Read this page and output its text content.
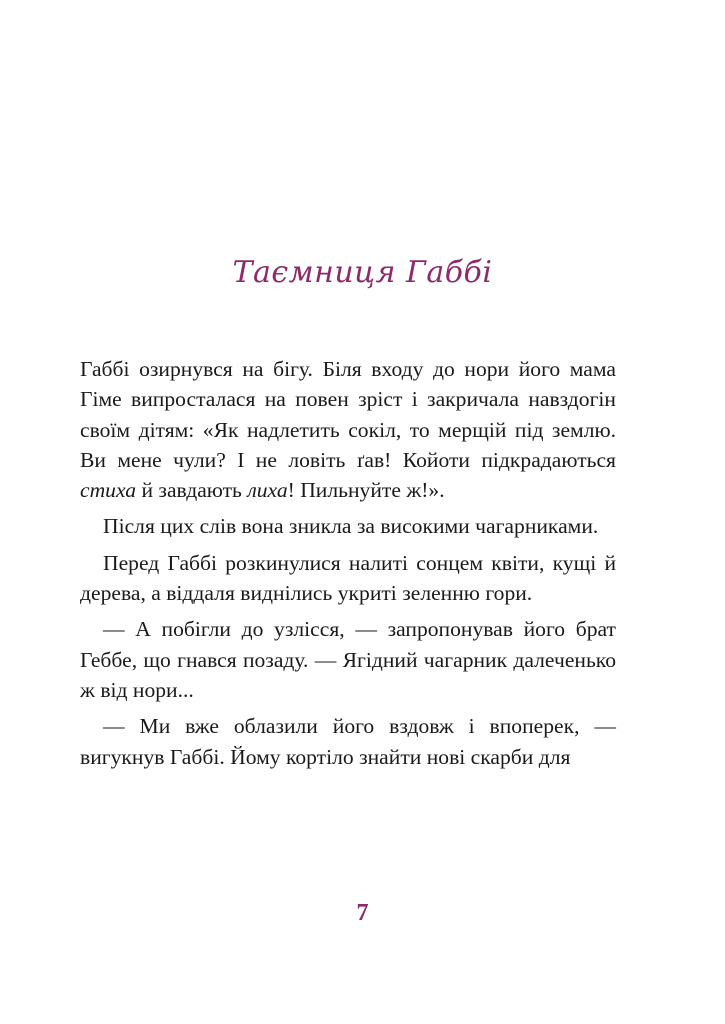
Таємниця Габбі

Габбі озирнувся на бігу. Біля входу до нори його мама Гіме випросталася на повен зріст і закричала навздогін своїм дітям: «Як надлетить сокіл, то мерщій під землю. Ви мене чули? І не ловіть ґав! Койоти підкрадаються стиха й завдають лиха! Пильнуйте ж!».

Після цих слів вона зникла за високими чагарниками.

Перед Габбі розкинулися налиті сонцем квіти, кущі й дерева, а віддаля виднілись укриті зеленню гори.

— А побігли до узлісся, — запропонував його брат Геббе, що гнався позаду. — Ягідний чагарник далеченько ж від нори...

— Ми вже облазили його вздовж і впоперек, — вигукнув Габбі. Йому кортіло знайти нові скарби для

7
